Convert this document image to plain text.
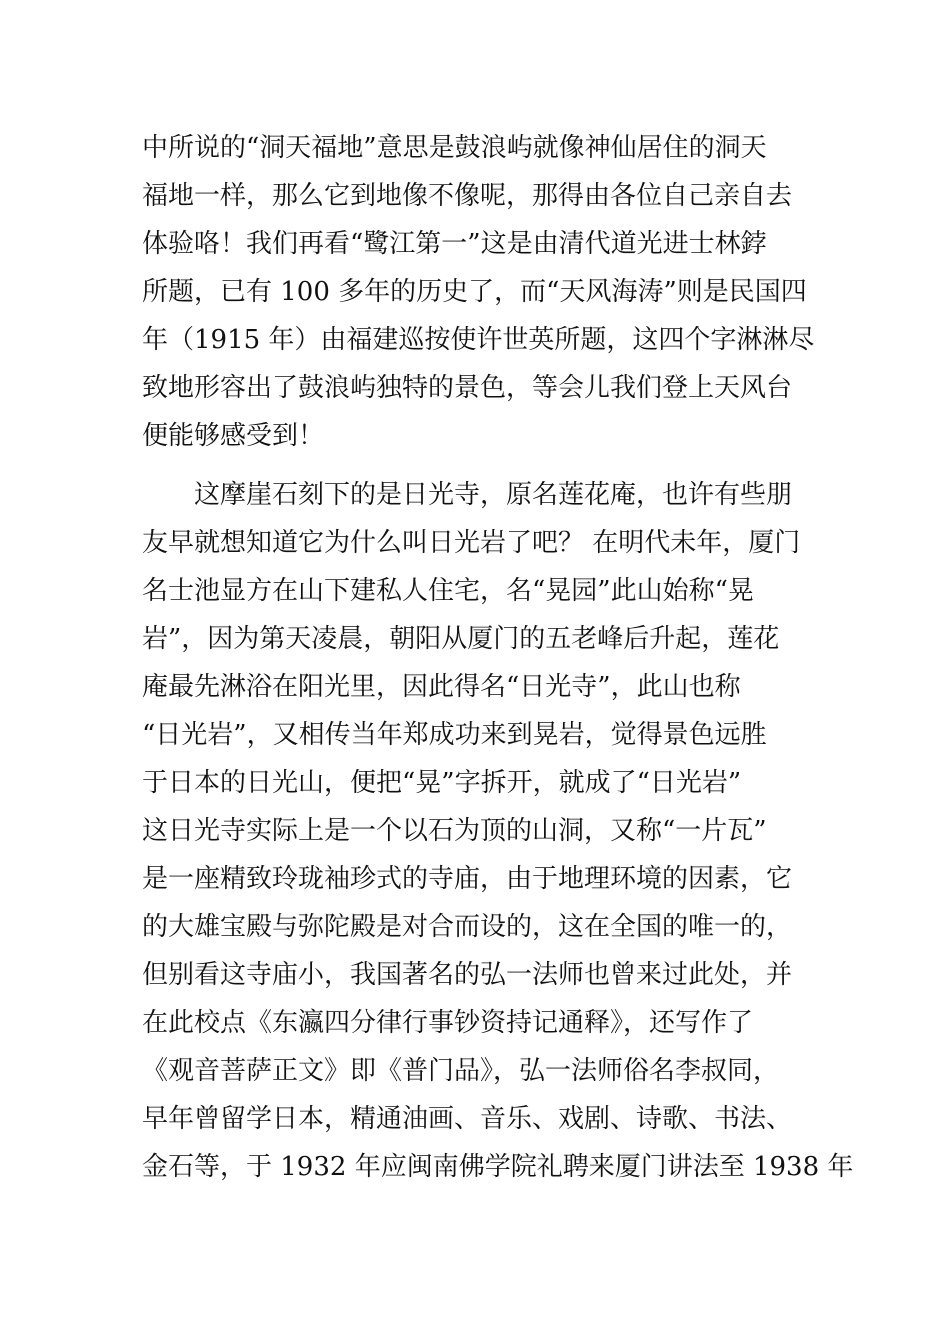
中所说的“洞天福地”意思是鼓浪屿就像神仙居住的洞天
福地一样，那么它到地像不像呢，那得由各位自己亲自去
体验咯！我们再看“鹭江第一”这是由清代道光进士林鋍
所题，已有 100 多年的历史了，而“天风海涛”则是民国四
年（1915 年）由福建巡按使许世英所题，这四个字淋淋尽
致地形容出了鼓浪屿独特的景色，等会儿我们登上天风台
便能够感受到！
　　这摩崖石刻下的是日光寺，原名莲花庵，也许有些朋
友早就想知道它为什么叫日光岩了吧？ 在明代未年，厦门
名士池显方在山下建私人住宅，名“晃园”此山始称“晃
岩”，因为第天凌晨，朝阳从厦门的五老峰后升起，莲花
庵最先淋浴在阳光里，因此得名“日光寺”，此山也称
“日光岩”，又相传当年郑成功来到晃岩，觉得景色远胜
于日本的日光山，便把“晃”字拆开，就成了“日光岩”
这日光寺实际上是一个以石为顶的山洞，又称“一片瓦”
是一座精致玲珑袖珍式的寺庙，由于地理环境的因素，它
的大雄宝殿与弥陀殿是对合而设的，这在全国的唯一的，
但别看这寺庙小，我国著名的弘一法师也曾来过此处，并
在此校点《东瀛四分律行事钞资持记通释》，还写作了
《观音菩萨正文》即《普门品》，弘一法师俗名李叔同，
早年曾留学日本，精通油画、音乐、戏剧、诗歌、书法、
金石等，于 1932 年应闽南佛学院礼聘来厦门讲法至 1938 年
